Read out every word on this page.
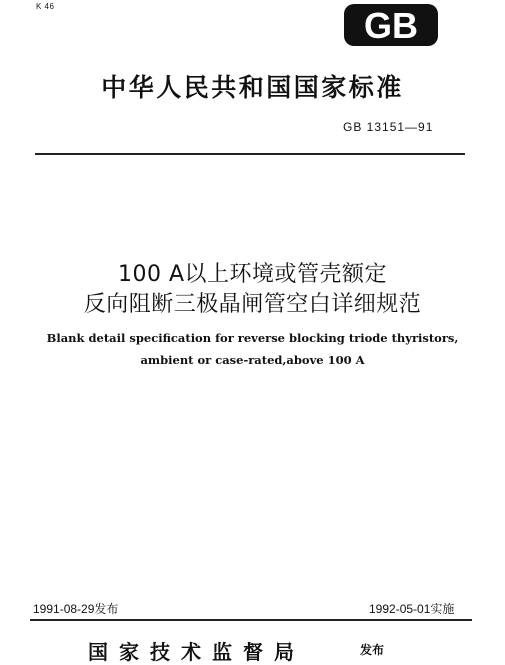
K 46	GB
中华人民共和国国家标准
GB 13151—91
100 A以上环境或管壳额定
反向阻断三极晶闸管空白详细规范
Blank detail specification for reverse blocking triode thyristors,
ambient or case-rated,above 100 A
1991-08-29发布	1992-05-01实施
国家技术监督局	发布
